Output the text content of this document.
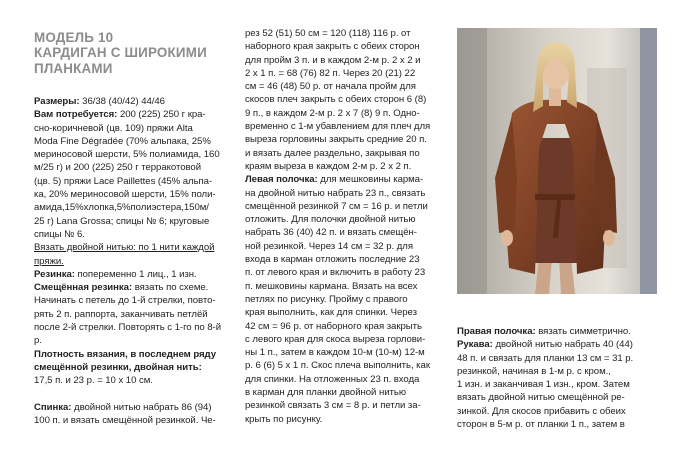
МОДЕЛЬ 10
КАРДИГАН С ШИРОКИМИ
ПЛАНКАМИ

Размеры: 36/38 (40/42) 44/46

Вам потребуется: 200 (225) 250 г кра-

сно-коричневой (цв. 109) пряжи Alta

Moda Fine Dégradée (70% альпака, 25%

мериносовой шерсти, 5% полиамида, 160

м/25 г) и 200 (225) 250 г терракотовой

(цв. 5) пряжи Lace Paillettes (45% альпа-

ка, 20% мериносовой шерсти, 15% поли-

амида,15%хлопка,5%полиэстера,150м/

25 г) Lana Grossa; спицы № 6; круговые

спицы № 6.

Вязать двойной нитью: по 1 нити каждой

пряжи.

Резинка: попеременно 1 лиц., 1 изн.

Смещённая резинка: вязать по схеме.

Начинать с петель до 1-й стрелки, повто-

рять 2 п. раппорта, заканчивать петлёй

после 2-й стрелки. Повторять с 1-го по 8-й

р.

Плотность вязания, в последнем ряду

смещённой резинки, двойная нить:

17,5 п. и 23 р. = 10 х 10 см.

Спинка: двойной нитью набрать 86 (94)

100 п. и вязать смещённой резинкой. Че-

рез 52 (51) 50 см = 120 (118) 116 р. от

наборного края закрыть с обеих сторон

для пройм 3 п. и в каждом 2-м р. 2 х 2 и

2 х 1 п. = 68 (76) 82 п. Через 20 (21) 22

см = 46 (48) 50 р. от начала пройм для

скосов плеч закрыть с обеих сторон 6 (8)

9 п., в каждом 2-м р. 2 х 7 (8) 9 п. Одно-

временно с 1-м убавлением для плеч для

выреза горловины закрыть средние 20 п.

и вязать далее раздельно, закрывая по

краям выреза в каждом 2-м р. 2 х 2 п.

Левая полочка: для мешковины карма-

на двойной нитью набрать 23 п., связать

смещённой резинкой 7 см = 16 р. и петли

отложить. Для полочки двойной нитью

набрать 36 (40) 42 п. и вязать смещён-

ной резинкой. Через 14 см = 32 р. для

входа в карман отложить последние 23

п. от левого края и включить в работу 23

п. мешковины кармана. Вязать на всех

петлях по рисунку. Пройму с правого

края выполнить, как для спинки. Через

42 см = 96 р. от наборного края закрыть

с левого края для скоса выреза горлови-

ны 1 п., затем в каждом 10-м (10-м) 12-м

р. 6 (6) 5 х 1 п. Скос плеча выполнить, как

для спинки. На отложенных 23 п. входа

в карман для планки двойной нитью

резинкой связать 3 см = 8 р. и петли за-

крыть по рисунку.

Правая полочка: вязать симметрично.

Рукава: двойной нитью набрать 40 (44)

48 п. и связать для планки 13 см = 31 р.

резинкой, начиная в 1-м р. с кром.,

1 изн. и заканчивая 1 изн., кром. Затем

вязать двойной нитью смещённой ре-

зинкой. Для скосов прибавить с обеих

сторон в 5-м р. от планки 1 п., затем в
